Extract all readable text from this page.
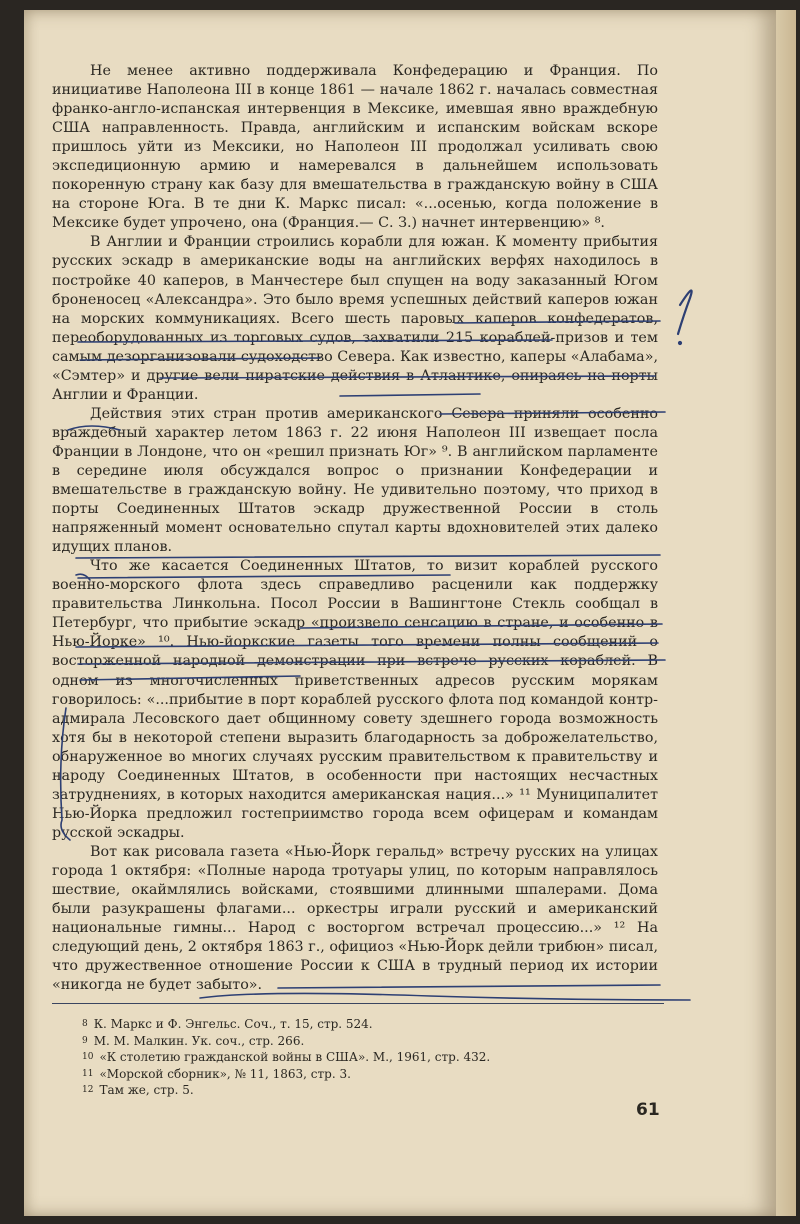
Не менее активно поддерживала Конфедерацию и Франция. По инициативе Наполеона III в конце 1861 — начале 1862 г. началась совместная франко-англо-испанская интервенция в Мексике, имевшая явно враждебную США направленность. Правда, английским и испанским войскам вскоре пришлось уйти из Мексики, но Наполеон III продолжал усиливать свою экспедиционную армию и намеревался в дальнейшем использовать покоренную страну как базу для вмешательства в гражданскую войну в США на стороне Юга. В те дни К. Маркс писал: «...осенью, когда положение в Мексике будет упрочено, она (Франция.— С. З.) начнет интервенцию» ⁸.

В Англии и Франции строились корабли для южан. К моменту прибытия русских эскадр в американские воды на английских верфях находилось в постройке 40 каперов, в Манчестере был спущен на воду заказанный Югом броненосец «Александра». Это было время успешных действий каперов южан на морских коммуникациях. Всего шесть паровых каперов конфедератов, переоборудованных из торговых судов, захватили 215 кораблей-призов и тем самым дезорганизовали судоходство Севера. Как известно, каперы «Алабама», «Сэмтер» и другие вели пиратские действия в Атлантике, опираясь на порты Англии и Франции.

Действия этих стран против американского Севера приняли особенно враждебный характер летом 1863 г. 22 июня Наполеон III извещает посла Франции в Лондоне, что он «решил признать Юг» ⁹. В английском парламенте в середине июля обсуждался вопрос о признании Конфедерации и вмешательстве в гражданскую войну. Не удивительно поэтому, что приход в порты Соединенных Штатов эскадр дружественной России в столь напряженный момент основательно спутал карты вдохновителей этих далеко идущих планов.

Что же касается Соединенных Штатов, то визит кораблей русского военно-морского флота здесь справедливо расценили как поддержку правительства Линкольна. Посол России в Вашингтоне Стекль сообщал в Петербург, что прибытие эскадр «произвело сенсацию в стране, и особенно в Нью-Йорке» ¹⁰. Нью-йоркские газеты того времени полны сообщений о восторженной народной демонстрации при встрече русских кораблей. В одном из многочисленных приветственных адресов русским морякам говорилось: «...прибытие в порт кораблей русского флота под командой контр-адмирала Лесовского дает общинному совету здешнего города возможность хотя бы в некоторой степени выразить благодарность за доброжелательство, обнаруженное во многих случаях русским правительством к правительству и народу Соединенных Штатов, в особенности при настоящих несчастных затруднениях, в которых находится американская нация...» ¹¹ Муниципалитет Нью-Йорка предложил гостеприимство города всем офицерам и командам русской эскадры.

Вот как рисовала газета «Нью-Йорк геральд» встречу русских на улицах города 1 октября: «Полные народа тротуары улиц, по которым направлялось шествие, окаймлялись войсками, стоявшими длинными шпалерами. Дома были разукрашены флагами... оркестры играли русский и американский национальные гимны... Народ с восторгом встречал процессию...» ¹² На следующий день, 2 октября 1863 г., официоз «Нью-Йорк дейли трибюн» писал, что дружественное отношение России к США в трудный период их истории «никогда не будет забыто».

$^8$ К. Маркс и Ф. Энгельс. Соч., т. 15, стр. 524.
$^9$ М. М. Малкин. Ук. соч., стр. 266.
$^{10}$ «К столетию гражданской войны в США». М., 1961, стр. 432.
$^{11}$ «Морской сборник», № 11, 1863, стр. 3.
$^{12}$ Там же, стр. 5.
61
